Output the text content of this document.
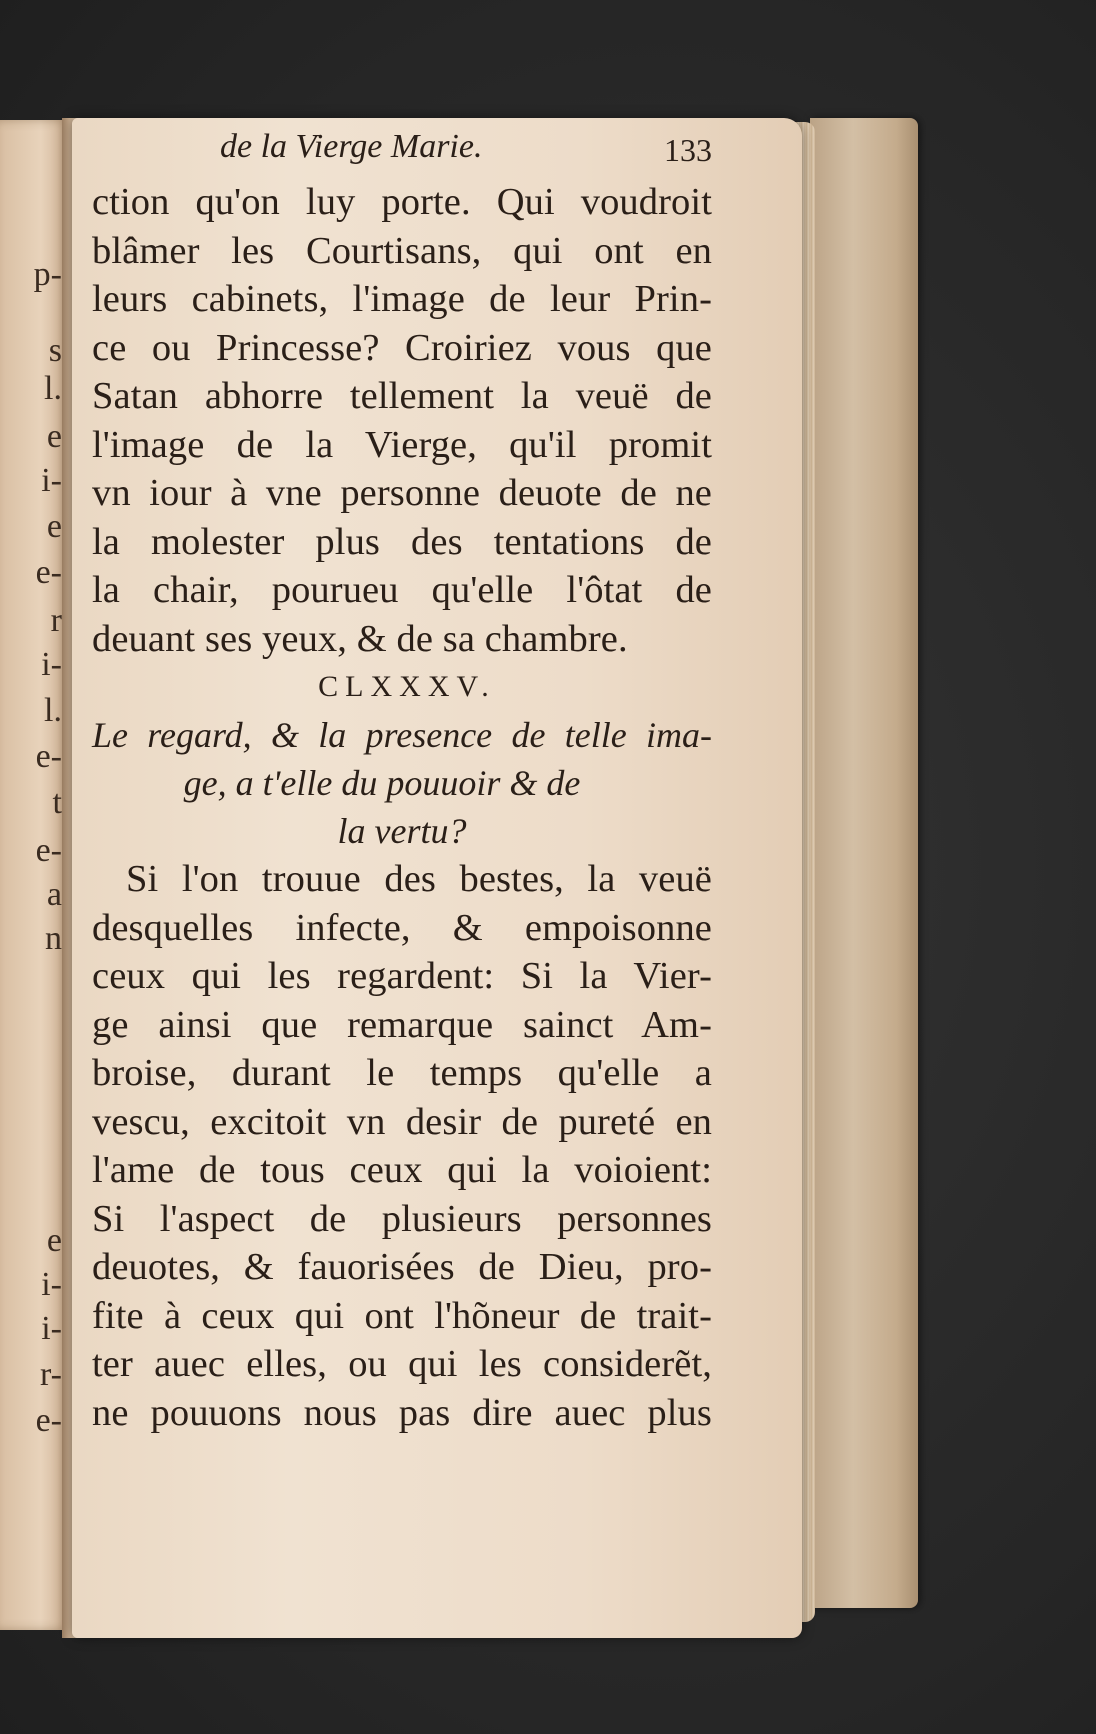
p-
s
l.
e
i-
e
e-
r
i-
l.
e-
t
e-
a
n
e
i-
i-
r-
e-
de la Vierge Marie.	133
ction qu'on luy porte. Qui voudroit
blâmer les Courtisans, qui ont en
leurs cabinets, l'image de leur Prin-
ce ou Princesse? Croiriez vous que
Satan abhorre tellement la veuë de
l'image de la Vierge, qu'il promit
vn iour à vne personne deuote de ne
la molester plus des tentations de
la chair, pourueu qu'elle l'ôtat de
deuant ses yeux, & de sa chambre.
CLXXXV.
Le regard, & la presence de telle ima-
ge, a t'elle du pouuoir & de
la vertu?
Si l'on trouue des bestes, la veuë
desquelles infecte, & empoisonne
ceux qui les regardent: Si la Vier-
ge ainsi que remarque sainct Am-
broise, durant le temps qu'elle a
vescu, excitoit vn desir de pureté en
l'ame de tous ceux qui la voioient:
Si l'aspect de plusieurs personnes
deuotes, & fauorisées de Dieu, pro-
fite à ceux qui ont l'hõneur de trait-
ter auec elles, ou qui les considerẽt,
ne pouuons nous pas dire auec plus
